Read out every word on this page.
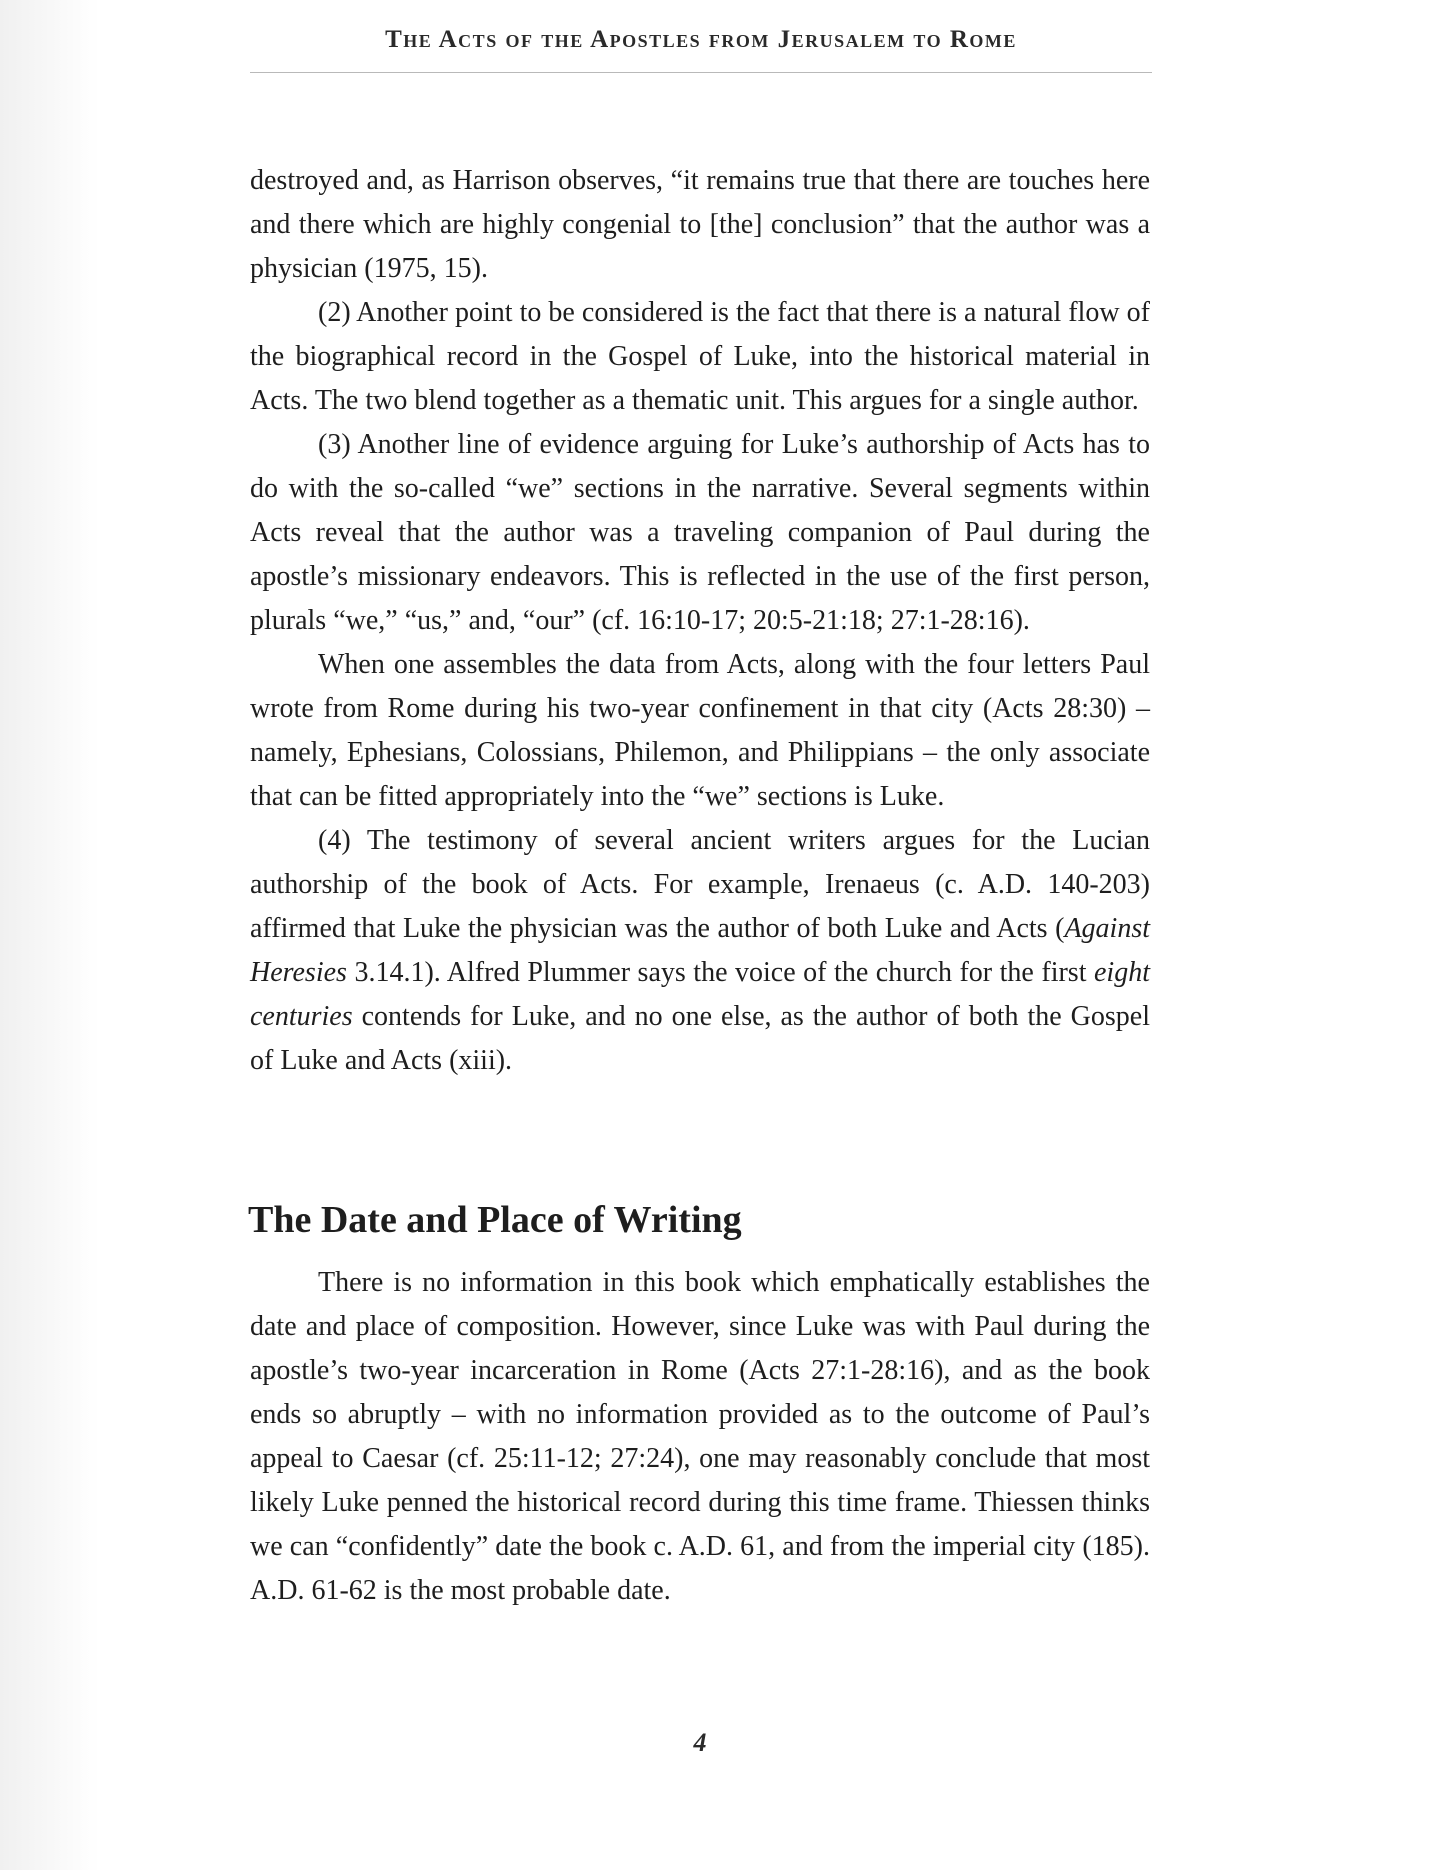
The Acts of the Apostles from Jerusalem to Rome

destroyed and, as Harrison observes, “it remains true that there are touches here and there which are highly congenial to [the] conclusion” that the author was a physician (1975, 15).

(2) Another point to be considered is the fact that there is a natural flow of the biographical record in the Gospel of Luke, into the historical material in Acts. The two blend together as a thematic unit. This argues for a single author.

(3) Another line of evidence arguing for Luke’s authorship of Acts has to do with the so-called “we” sections in the narrative. Several segments within Acts reveal that the author was a traveling companion of Paul during the apostle’s missionary endeavors. This is reflected in the use of the first person, plurals “we,” “us,” and, “our” (cf. 16:10-17; 20:5-21:18; 27:1-28:16).

When one assembles the data from Acts, along with the four letters Paul wrote from Rome during his two-year confinement in that city (Acts 28:30) – namely, Ephesians, Colossians, Philemon, and Philippians – the only associate that can be fitted appropriately into the “we” sections is Luke.

(4) The testimony of several ancient writers argues for the Lucian authorship of the book of Acts. For example, Irenaeus (c. A.D. 140-203) affirmed that Luke the physician was the author of both Luke and Acts (Against Heresies 3.14.1). Alfred Plummer says the voice of the church for the first eight centuries contends for Luke, and no one else, as the author of both the Gospel of Luke and Acts (xiii).

The Date and Place of Writing

There is no information in this book which emphatically establishes the date and place of composition. However, since Luke was with Paul during the apostle’s two-year incarceration in Rome (Acts 27:1-28:16), and as the book ends so abruptly – with no information provided as to the outcome of Paul’s appeal to Caesar (cf. 25:11-12; 27:24), one may reasonably conclude that most likely Luke penned the historical record during this time frame. Thiessen thinks we can “confidently” date the book c. A.D. 61, and from the imperial city (185). A.D. 61-62 is the most probable date.

4
